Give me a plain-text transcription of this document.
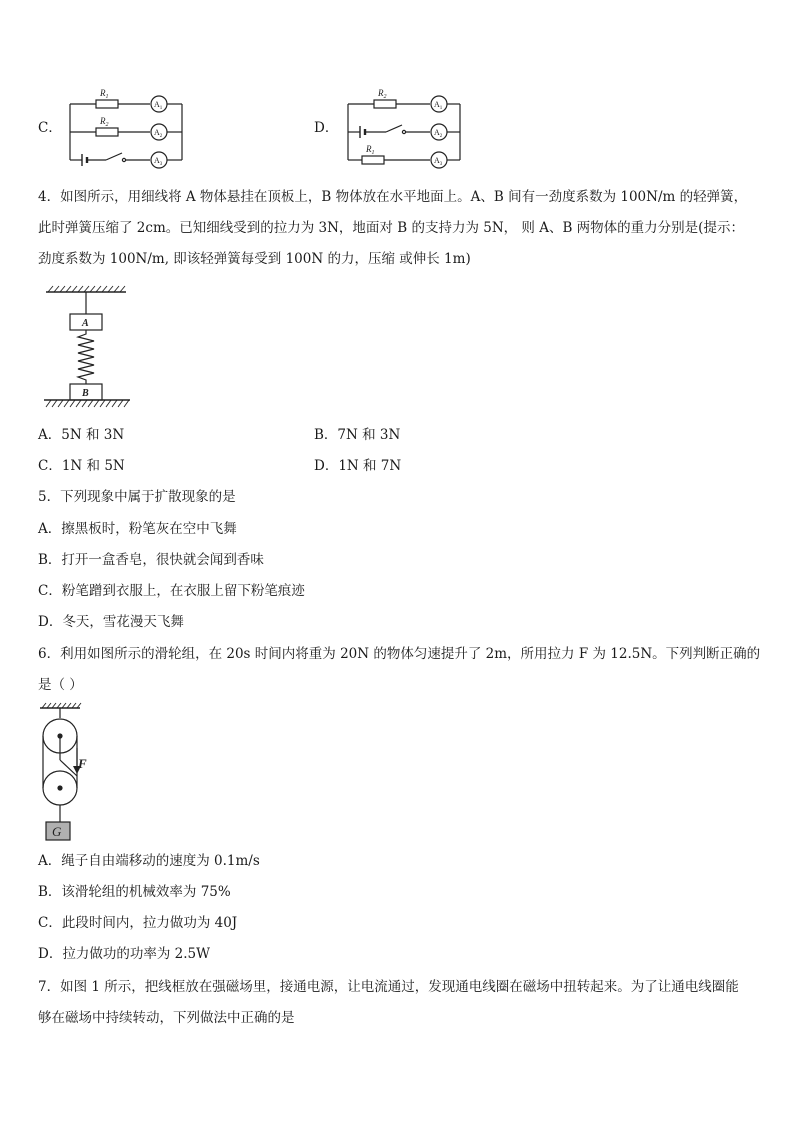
C．
$R_1$
$R_2$
$A_1$
$A_2$
$A_3$
D．
$R_2$
$R_1$
$A_1$
$A_2$
$A_3$
4．如图所示，用细线将 A 物体悬挂在顶板上，B 物体放在水平地面上。A、B 间有一劲度系数为 100N/m 的轻弹簧，
此时弹簧压缩了 2cm。已知细线受到的拉力为 3N，地面对 B 的支持力为 5N， 则 A、B 两物体的重力分别是(提示：
劲度系数为 100N/m, 即该轻弹簧每受到 100N 的力，压缩 或伸长 1m)
A
B
A．5N 和 3N	B．7N 和 3N
C．1N 和 5N	D．1N 和 7N
5．下列现象中属于扩散现象的是
A．擦黑板时，粉笔灰在空中飞舞
B．打开一盒香皂，很快就会闻到香味
C．粉笔蹭到衣服上，在衣服上留下粉笔痕迹
D．冬天，雪花漫天飞舞
6．利用如图所示的滑轮组，在 20s 时间内将重为 20N 的物体匀速提升了 2m，所用拉力 F 为 12.5N。下列判断正确的
是（ ）
F
G
A．绳子自由端移动的速度为 0.1m/s
B．该滑轮组的机械效率为 75%
C．此段时间内，拉力做功为 40J
D．拉力做功的功率为 2.5W
7．如图 1 所示，把线框放在强磁场里，接通电源，让电流通过，发现通电线圈在磁场中扭转起来。为了让通电线圈能
够在磁场中持续转动，下列做法中正确的是
